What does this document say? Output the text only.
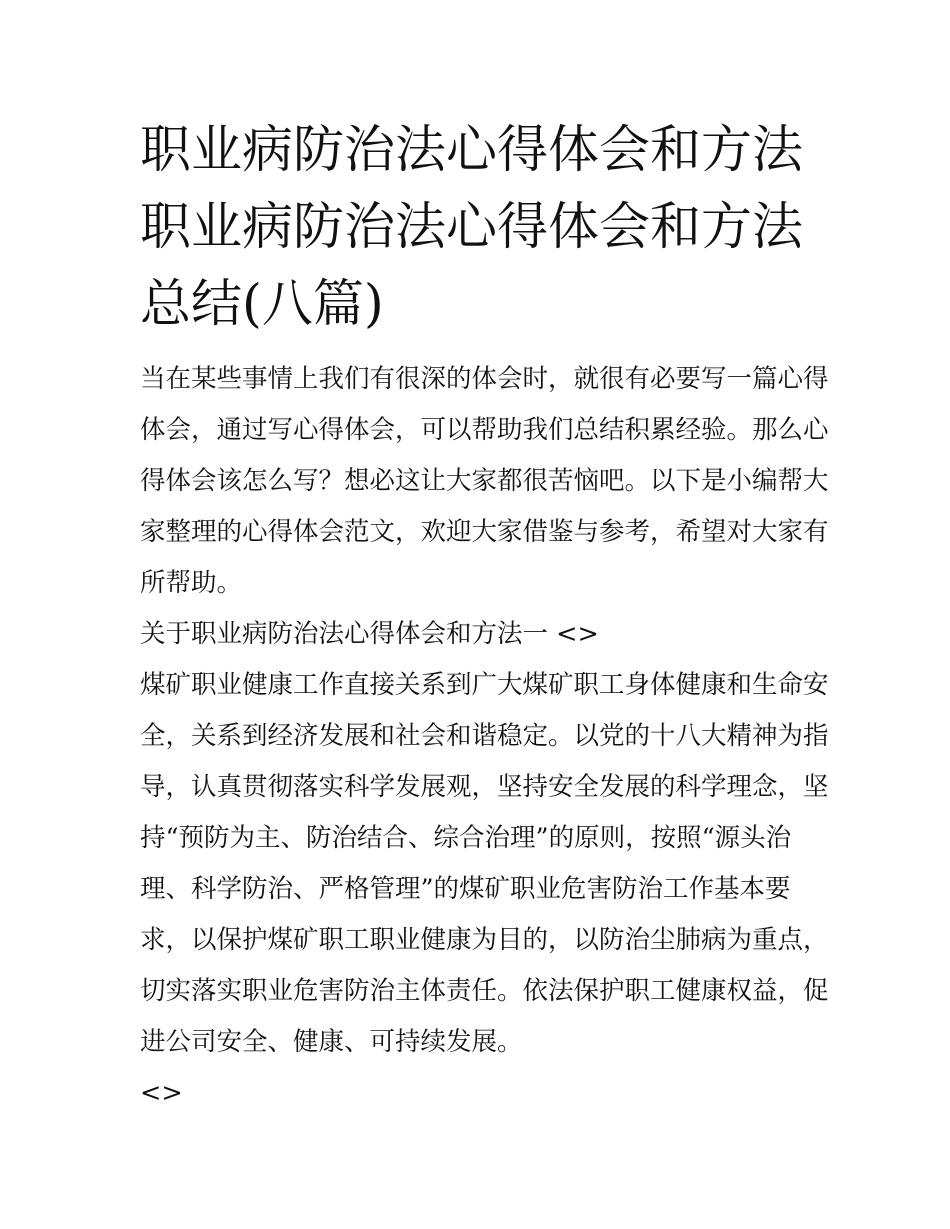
职业病防治法心得体会和方法
职业病防治法心得体会和方法
总结(八篇)
当在某些事情上我们有很深的体会时，就很有必要写一篇心得
体会，通过写心得体会，可以帮助我们总结积累经验。那么心
得体会该怎么写？想必这让大家都很苦恼吧。以下是小编帮大
家整理的心得体会范文，欢迎大家借鉴与参考，希望对大家有
所帮助。
关于职业病防治法心得体会和方法一 <>
煤矿职业健康工作直接关系到广大煤矿职工身体健康和生命安
全，关系到经济发展和社会和谐稳定。以党的十八大精神为指
导，认真贯彻落实科学发展观，坚持安全发展的科学理念，坚
持“预防为主、防治结合、综合治理”的原则，按照“源头治
理、科学防治、严格管理”的煤矿职业危害防治工作基本要
求，以保护煤矿职工职业健康为目的，以防治尘肺病为重点，
切实落实职业危害防治主体责任。依法保护职工健康权益，促
进公司安全、健康、可持续发展。
<>
